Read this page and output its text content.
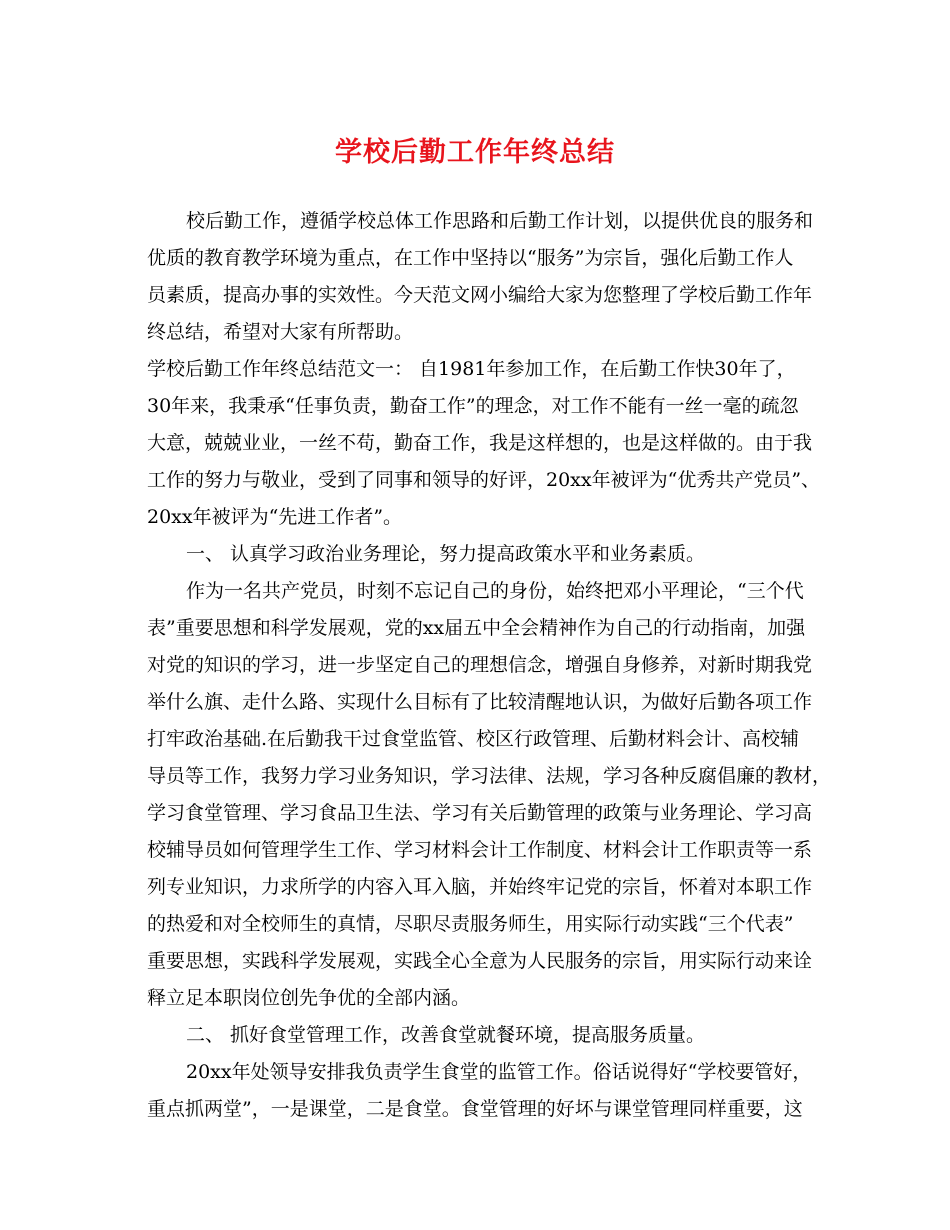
学校后勤工作年终总结
校后勤工作，遵循学校总体工作思路和后勤工作计划，以提供优良的服务和
优质的教育教学环境为重点，在工作中坚持以“服务”为宗旨，强化后勤工作人
员素质，提高办事的实效性。今天范文网小编给大家为您整理了学校后勤工作年
终总结，希望对大家有所帮助。
学校后勤工作年终总结范文一： 自1981年参加工作，在后勤工作快30年了，
30年来，我秉承“任事负责，勤奋工作”的理念，对工作不能有一丝一毫的疏忽
大意，兢兢业业，一丝不苟，勤奋工作，我是这样想的，也是这样做的。由于我
工作的努力与敬业，受到了同事和领导的好评，20xx年被评为“优秀共产党员”、
20xx年被评为“先进工作者”。
一、 认真学习政治业务理论，努力提高政策水平和业务素质。
作为一名共产党员，时刻不忘记自己的身份，始终把邓小平理论，“三个代
表”重要思想和科学发展观，党的xx届五中全会精神作为自己的行动指南，加强
对党的知识的学习，进一步坚定自己的理想信念，增强自身修养，对新时期我党
举什么旗、走什么路、实现什么目标有了比较清醒地认识，为做好后勤各项工作
打牢政治基础.在后勤我干过食堂监管、校区行政管理、后勤材料会计、高校辅
导员等工作，我努力学习业务知识，学习法律、法规，学习各种反腐倡廉的教材，
学习食堂管理、学习食品卫生法、学习有关后勤管理的政策与业务理论、学习高
校辅导员如何管理学生工作、学习材料会计工作制度、材料会计工作职责等一系
列专业知识，力求所学的内容入耳入脑，并始终牢记党的宗旨，怀着对本职工作
的热爱和对全校师生的真情，尽职尽责服务师生，用实际行动实践“三个代表”
重要思想，实践科学发展观，实践全心全意为人民服务的宗旨，用实际行动来诠
释立足本职岗位创先争优的全部内涵。
二、 抓好食堂管理工作，改善食堂就餐环境，提高服务质量。
20xx年处领导安排我负责学生食堂的监管工作。俗话说得好“学校要管好，
重点抓两堂”，一是课堂，二是食堂。食堂管理的好坏与课堂管理同样重要，这
